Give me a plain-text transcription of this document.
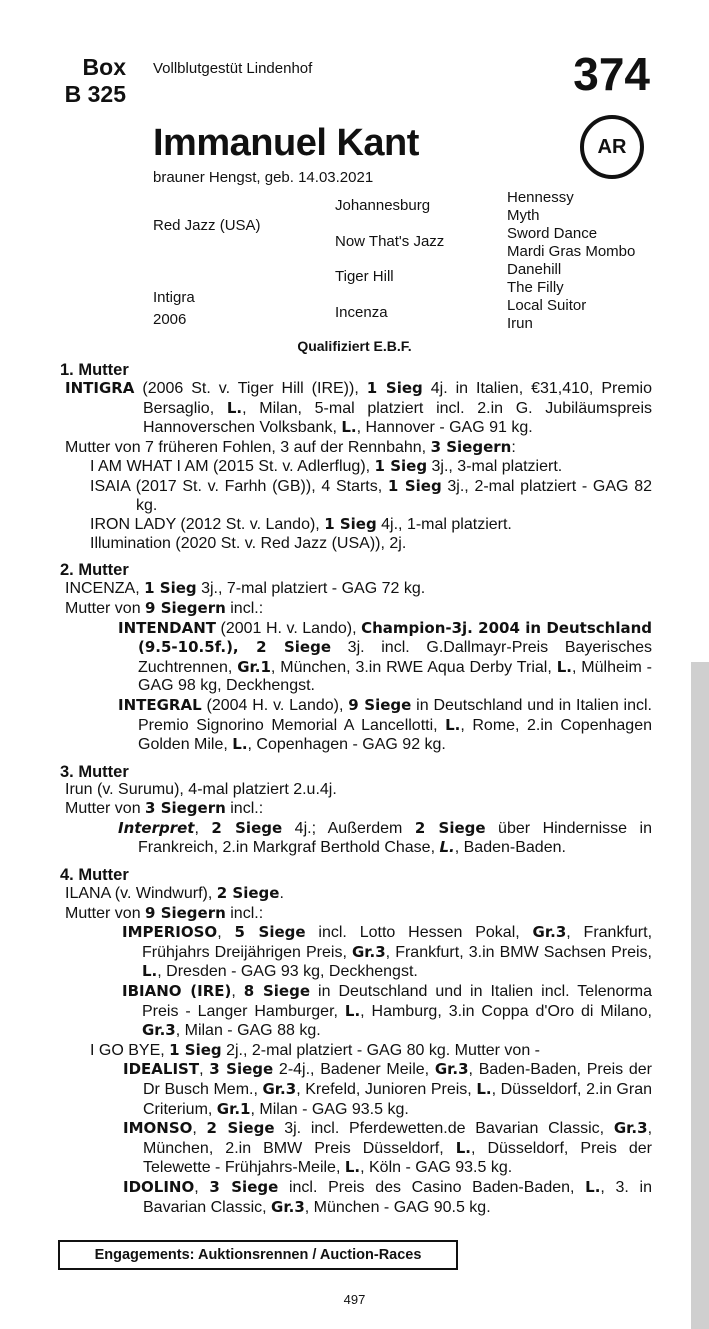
Box
B 325
Vollblutgestüt Lindenhof	374
Immanuel Kant	AR
brauner Hengst, geb. 14.03.2021
Red Jazz (USA)
Intigra
2006
Johannesburg
Now That's Jazz
Tiger Hill
Incenza
Hennessy
Myth
Sword Dance
Mardi Gras Mombo
Danehill
The Filly
Local Suitor
Irun
Qualifiziert E.B.F.
1. Mutter
INTIGRA (2006 St. v. Tiger Hill (IRE)), 1 Sieg 4j. in Italien, €31,410, Premio Bersaglio, L., Milan, 5-mal platziert incl. 2.in G. Jubiläumspreis Hannoverschen Volksbank, L., Hannover - GAG 91 kg.
Mutter von 7 früheren Fohlen, 3 auf der Rennbahn, 3 Siegern:
I AM WHAT I AM (2015 St. v. Adlerflug), 1 Sieg 3j., 3-mal platziert.
ISAIA (2017 St. v. Farhh (GB)), 4 Starts, 1 Sieg 3j., 2-mal platziert - GAG 82 kg.
IRON LADY (2012 St. v. Lando), 1 Sieg 4j., 1-mal platziert.
Illumination (2020 St. v. Red Jazz (USA)), 2j.
2. Mutter
INCENZA, 1 Sieg 3j., 7-mal platziert - GAG 72 kg.
Mutter von 9 Siegern incl.:
INTENDANT (2001 H. v. Lando), Champion-3j. 2004 in Deutschland (9.5-10.5f.), 2 Siege 3j. incl. G.Dallmayr-Preis Bayerisches Zuchtrennen, Gr.1, München, 3.in RWE Aqua Derby Trial, L., Mülheim - GAG 98 kg, Deckhengst.
INTEGRAL (2004 H. v. Lando), 9 Siege in Deutschland und in Italien incl. Premio Signorino Memorial A Lancellotti, L., Rome, 2.in Copenhagen Golden Mile, L., Copenhagen - GAG 92 kg.
3. Mutter
Irun (v. Surumu), 4-mal platziert 2.u.4j.
Mutter von 3 Siegern incl.:
Interpret, 2 Siege 4j.; Außerdem 2 Siege über Hindernisse in Frankreich, 2.in Markgraf Berthold Chase, L., Baden-Baden.
4. Mutter
ILANA (v. Windwurf), 2 Siege.
Mutter von 9 Siegern incl.:
IMPERIOSO, 5 Siege incl. Lotto Hessen Pokal, Gr.3, Frankfurt, Frühjahrs Dreijährigen Preis, Gr.3, Frankfurt, 3.in BMW Sachsen Preis, L., Dresden - GAG 93 kg, Deckhengst.
IBIANO (IRE), 8 Siege in Deutschland und in Italien incl. Telenorma Preis - Langer Hamburger, L., Hamburg, 3.in Coppa d'Oro di Milano, Gr.3, Milan - GAG 88 kg.
I GO BYE, 1 Sieg 2j., 2-mal platziert - GAG 80 kg. Mutter von -
IDEALIST, 3 Siege 2-4j., Badener Meile, Gr.3, Baden-Baden, Preis der Dr Busch Mem., Gr.3, Krefeld, Junioren Preis, L., Düsseldorf, 2.in Gran Criterium, Gr.1, Milan - GAG 93.5 kg.
IMONSO, 2 Siege 3j. incl. Pferdewetten.de Bavarian Classic, Gr.3, München, 2.in BMW Preis Düsseldorf, L., Düsseldorf, Preis der Telewette - Frühjahrs-Meile, L., Köln - GAG 93.5 kg.
IDOLINO, 3 Siege incl. Preis des Casino Baden-Baden, L., 3. in Bavarian Classic, Gr.3, München - GAG 90.5 kg.
Engagements: Auktionsrennen / Auction-Races
497
